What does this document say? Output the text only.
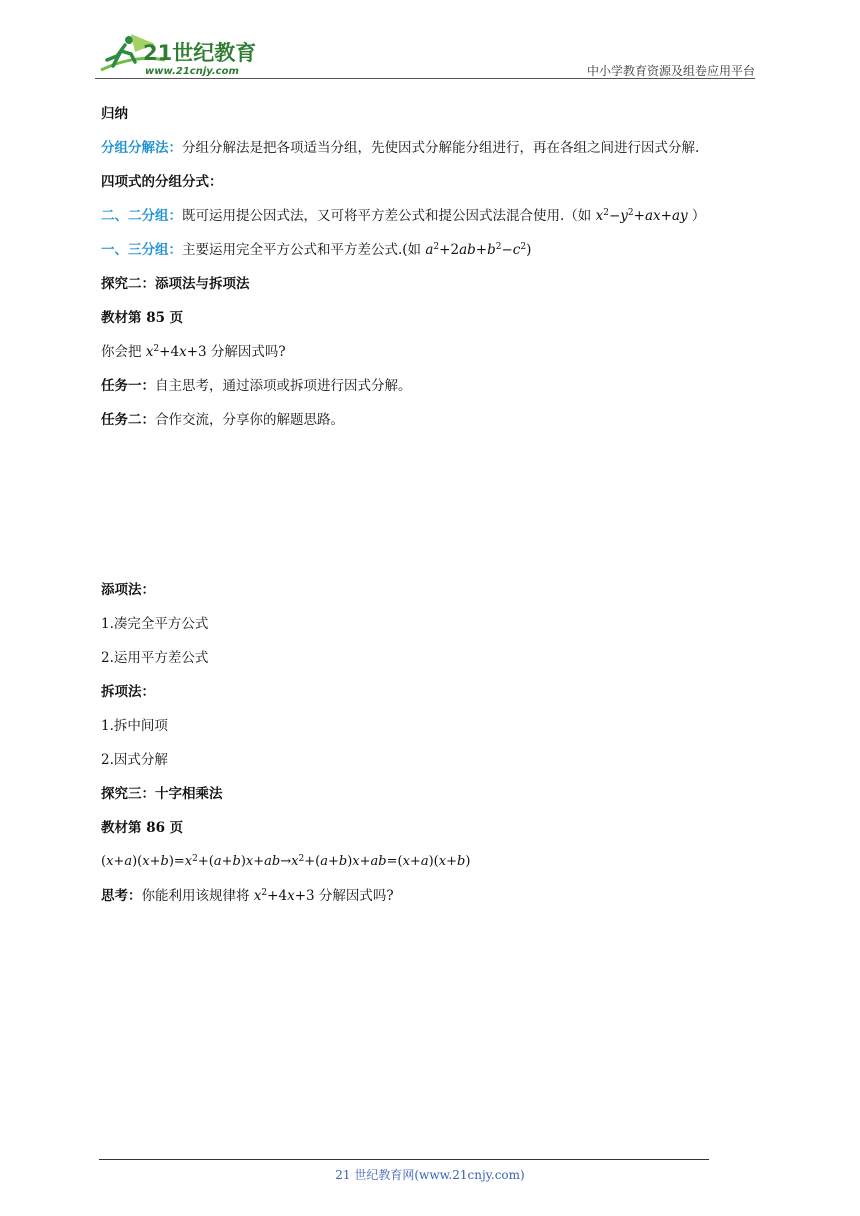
21世纪教育
www.21cnjy.com	中小学教育资源及组卷应用平台
归纳
分组分解法：分组分解法是把各项适当分组，先使因式分解能分组进行，再在各组之间进行因式分解.
四项式的分组分式：
二、二分组：既可运用提公因式法，又可将平方差公式和提公因式法混合使用.（如 $x^2-y^2+ax+ay$ ）
一、三分组：主要运用完全平方公式和平方差公式.(如 $a^2+2ab+b^2-c^2$)
探究二：添项法与拆项法
教材第 85 页
你会把 $x^2+4x+3$ 分解因式吗?
任务一：自主思考，通过添项或拆项进行因式分解。
任务二：合作交流，分享你的解题思路。
添项法：
1.凑完全平方公式
2.运用平方差公式
拆项法：
1.拆中间项
2.因式分解
探究三：十字相乘法
教材第 86 页
$(x+a)(x+b)=x^2+(a+b)x+ab\to x^2+(a+b)x+ab=(x+a)(x+b)$
思考：你能利用该规律将 $x^2+4x+3$ 分解因式吗?
21 世纪教育网(www.21cnjy.com)
